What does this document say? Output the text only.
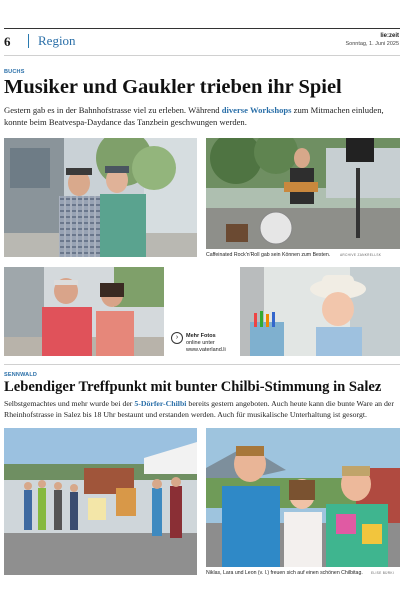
6 Region	lie:zeit
Sonntag, 1. Juni 2025
BUCHS
Musiker und Gaukler trieben ihr Spiel
Gestern gab es in der Bahnhofstrasse viel zu erleben. Während diverse Workshops zum Mitmachen einluden, konnte beim Beatvespa-Daydance das Tanzbein geschwungen werden.
Caffeinated Rock'n'Roll gab sein Können zum Besten.	ARCHIVE ZANKRELLSK
›	Mehr Fotos
online unter
www.vaterland.li
SENNWALD
Lebendiger Treffpunkt mit bunter Chilbi-Stimmung in Salez
Selbstgemachtes und mehr wurde bei der 5-Dörfer-Chilbi bereits gestern angeboten. Auch heute kann die bunte Ware an der Rheinhofstrasse in Salez bis 18 Uhr bestaunt und erstanden werden. Auch für musikalische Unterhaltung ist gesorgt.
Niklas, Lara und Leon (v. l.) freuen sich auf einen schönen Chilbitag.	ELISE BÜRKI
